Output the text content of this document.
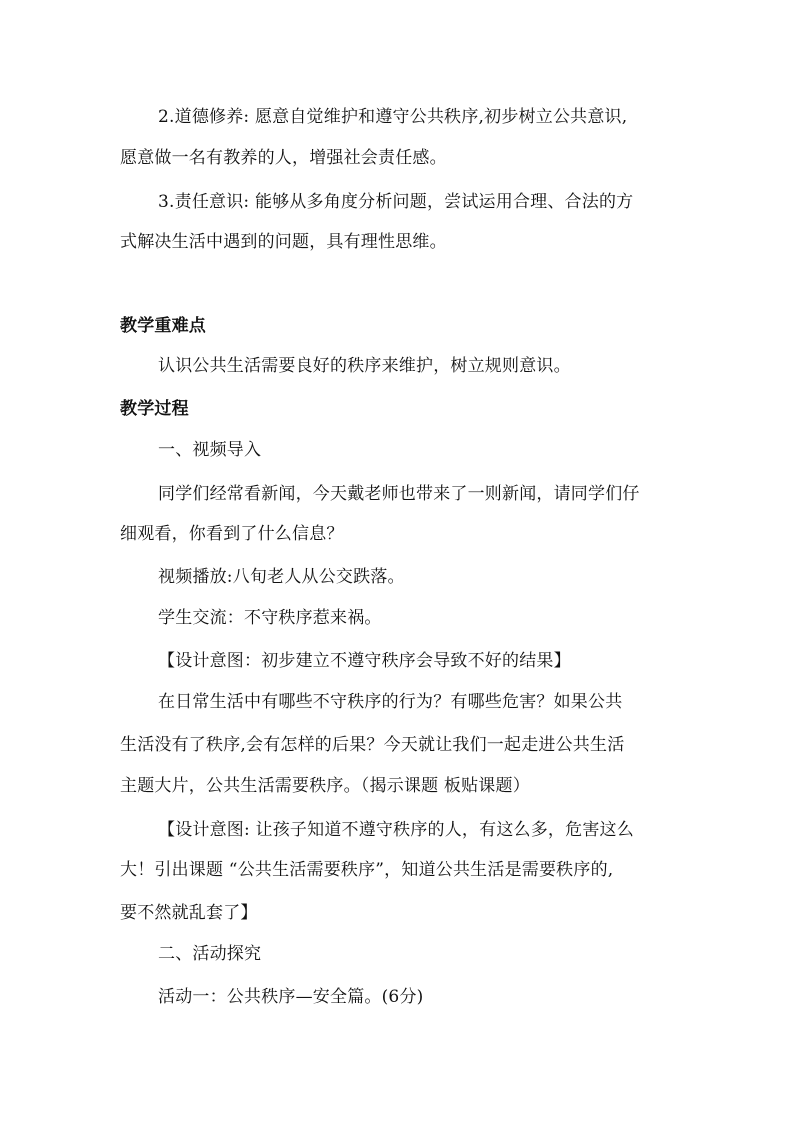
2.道德修养: 愿意自觉维护和遵守公共秩序,初步树立公共意识,
愿意做一名有教养的人，增强社会责任感。
3.责任意识: 能够从多角度分析问题，尝试运用合理、合法的方
式解决生活中遇到的问题，具有理性思维。
教学重难点
认识公共生活需要良好的秩序来维护，树立规则意识。
教学过程
一、视频导入
同学们经常看新闻，今天戴老师也带来了一则新闻，请同学们仔
细观看，你看到了什么信息？
视频播放:八旬老人从公交跌落。
学生交流：不守秩序惹来祸。
【设计意图：初步建立不遵守秩序会导致不好的结果】
在日常生活中有哪些不守秩序的行为？有哪些危害？如果公共
生活没有了秩序,会有怎样的后果？今天就让我们一起走进公共生活
主题大片，公共生活需要秩序。（揭示课题 板贴课题）
【设计意图: 让孩子知道不遵守秩序的人，有这么多，危害这么
大！引出课题 “公共生活需要秩序”，知道公共生活是需要秩序的,
要不然就乱套了】
二、活动探究
活动一：公共秩序—安全篇。(6分)
